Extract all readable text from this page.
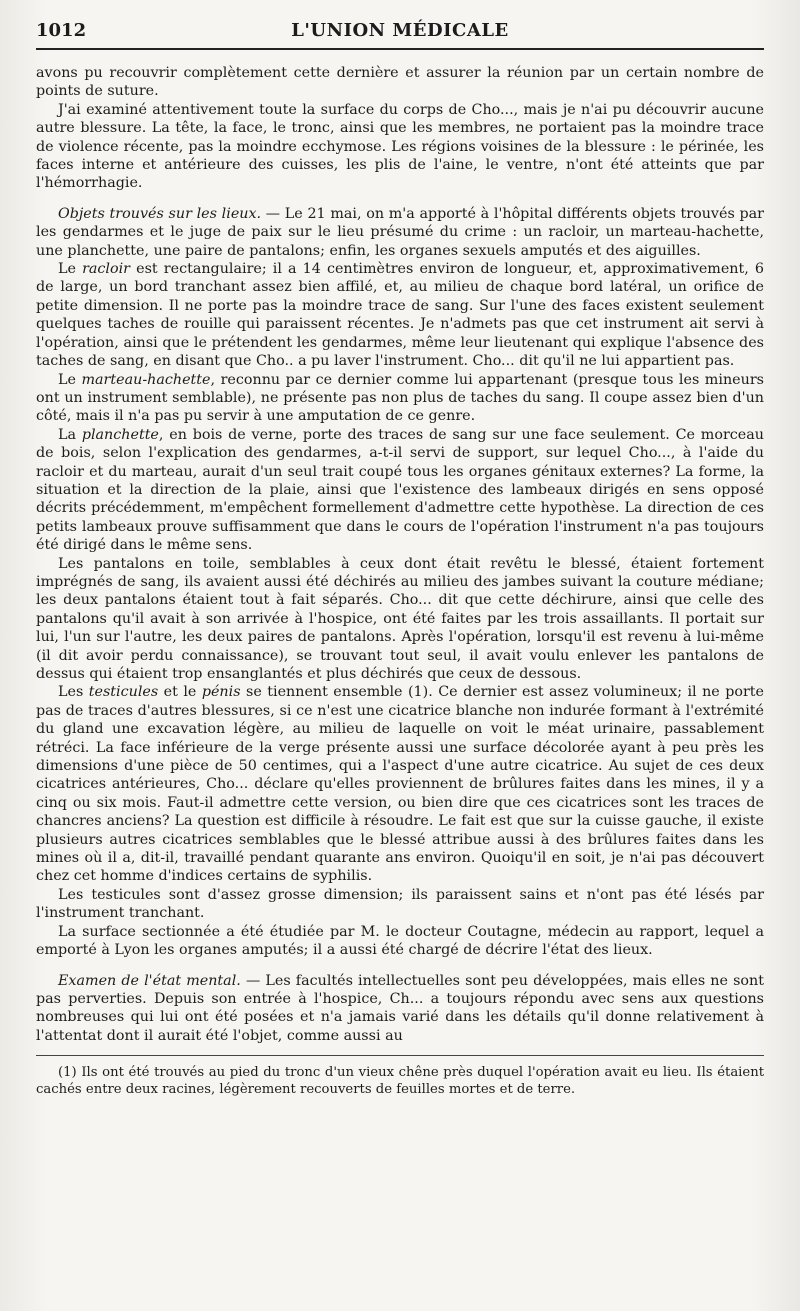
1012	L'UNION MÉDICALE

avons pu recouvrir complètement cette dernière et assurer la réunion par un certain nombre de points de suture.

J'ai examiné attentivement toute la surface du corps de Cho..., mais je n'ai pu découvrir aucune autre blessure. La tête, la face, le tronc, ainsi que les membres, ne portaient pas la moindre trace de violence récente, pas la moindre ecchymose. Les régions voisines de la blessure : le périnée, les faces interne et antérieure des cuisses, les plis de l'aine, le ventre, n'ont été atteints que par l'hémorrhagie.

Objets trouvés sur les lieux. — Le 21 mai, on m'a apporté à l'hôpital différents objets trouvés par les gendarmes et le juge de paix sur le lieu présumé du crime : un racloir, un marteau-hachette, une planchette, une paire de pantalons; enfin, les organes sexuels amputés et des aiguilles.

Le racloir est rectangulaire; il a 14 centimètres environ de longueur, et, approximativement, 6 de large, un bord tranchant assez bien affilé, et, au milieu de chaque bord latéral, un orifice de petite dimension. Il ne porte pas la moindre trace de sang. Sur l'une des faces existent seulement quelques taches de rouille qui paraissent récentes. Je n'admets pas que cet instrument ait servi à l'opération, ainsi que le prétendent les gendarmes, même leur lieutenant qui explique l'absence des taches de sang, en disant que Cho.. a pu laver l'instrument. Cho... dit qu'il ne lui appartient pas.

Le marteau-hachette, reconnu par ce dernier comme lui appartenant (presque tous les mineurs ont un instrument semblable), ne présente pas non plus de taches du sang. Il coupe assez bien d'un côté, mais il n'a pas pu servir à une amputation de ce genre.

La planchette, en bois de verne, porte des traces de sang sur une face seulement. Ce morceau de bois, selon l'explication des gendarmes, a-t-il servi de support, sur lequel Cho..., à l'aide du racloir et du marteau, aurait d'un seul trait coupé tous les organes génitaux externes? La forme, la situation et la direction de la plaie, ainsi que l'existence des lambeaux dirigés en sens opposé décrits précédemment, m'empêchent formellement d'admettre cette hypothèse. La direction de ces petits lambeaux prouve suffisamment que dans le cours de l'opération l'instrument n'a pas toujours été dirigé dans le même sens.

Les pantalons en toile, semblables à ceux dont était revêtu le blessé, étaient fortement imprégnés de sang, ils avaient aussi été déchirés au milieu des jambes suivant la couture médiane; les deux pantalons étaient tout à fait séparés. Cho... dit que cette déchirure, ainsi que celle des pantalons qu'il avait à son arrivée à l'hospice, ont été faites par les trois assaillants. Il portait sur lui, l'un sur l'autre, les deux paires de pantalons. Après l'opération, lorsqu'il est revenu à lui-même (il dit avoir perdu connaissance), se trouvant tout seul, il avait voulu enlever les pantalons de dessus qui étaient trop ensanglantés et plus déchirés que ceux de dessous.

Les testicules et le pénis se tiennent ensemble (1). Ce dernier est assez volumineux; il ne porte pas de traces d'autres blessures, si ce n'est une cicatrice blanche non indurée formant à l'extrémité du gland une excavation légère, au milieu de laquelle on voit le méat urinaire, passablement rétréci. La face inférieure de la verge présente aussi une surface décolorée ayant à peu près les dimensions d'une pièce de 50 centimes, qui a l'aspect d'une autre cicatrice. Au sujet de ces deux cicatrices antérieures, Cho... déclare qu'elles proviennent de brûlures faites dans les mines, il y a cinq ou six mois. Faut-il admettre cette version, ou bien dire que ces cicatrices sont les traces de chancres anciens? La question est difficile à résoudre. Le fait est que sur la cuisse gauche, il existe plusieurs autres cicatrices semblables que le blessé attribue aussi à des brûlures faites dans les mines où il a, dit-il, travaillé pendant quarante ans environ. Quoiqu'il en soit, je n'ai pas découvert chez cet homme d'indices certains de syphilis.

Les testicules sont d'assez grosse dimension; ils paraissent sains et n'ont pas été lésés par l'instrument tranchant.

La surface sectionnée a été étudiée par M. le docteur Coutagne, médecin au rapport, lequel a emporté à Lyon les organes amputés; il a aussi été chargé de décrire l'état des lieux.

Examen de l'état mental. — Les facultés intellectuelles sont peu développées, mais elles ne sont pas perverties. Depuis son entrée à l'hospice, Ch... a toujours répondu avec sens aux questions nombreuses qui lui ont été posées et n'a jamais varié dans les détails qu'il donne relativement à l'attentat dont il aurait été l'objet, comme aussi au

(1) Ils ont été trouvés au pied du tronc d'un vieux chêne près duquel l'opération avait eu lieu. Ils étaient cachés entre deux racines, légèrement recouverts de feuilles mortes et de terre.
